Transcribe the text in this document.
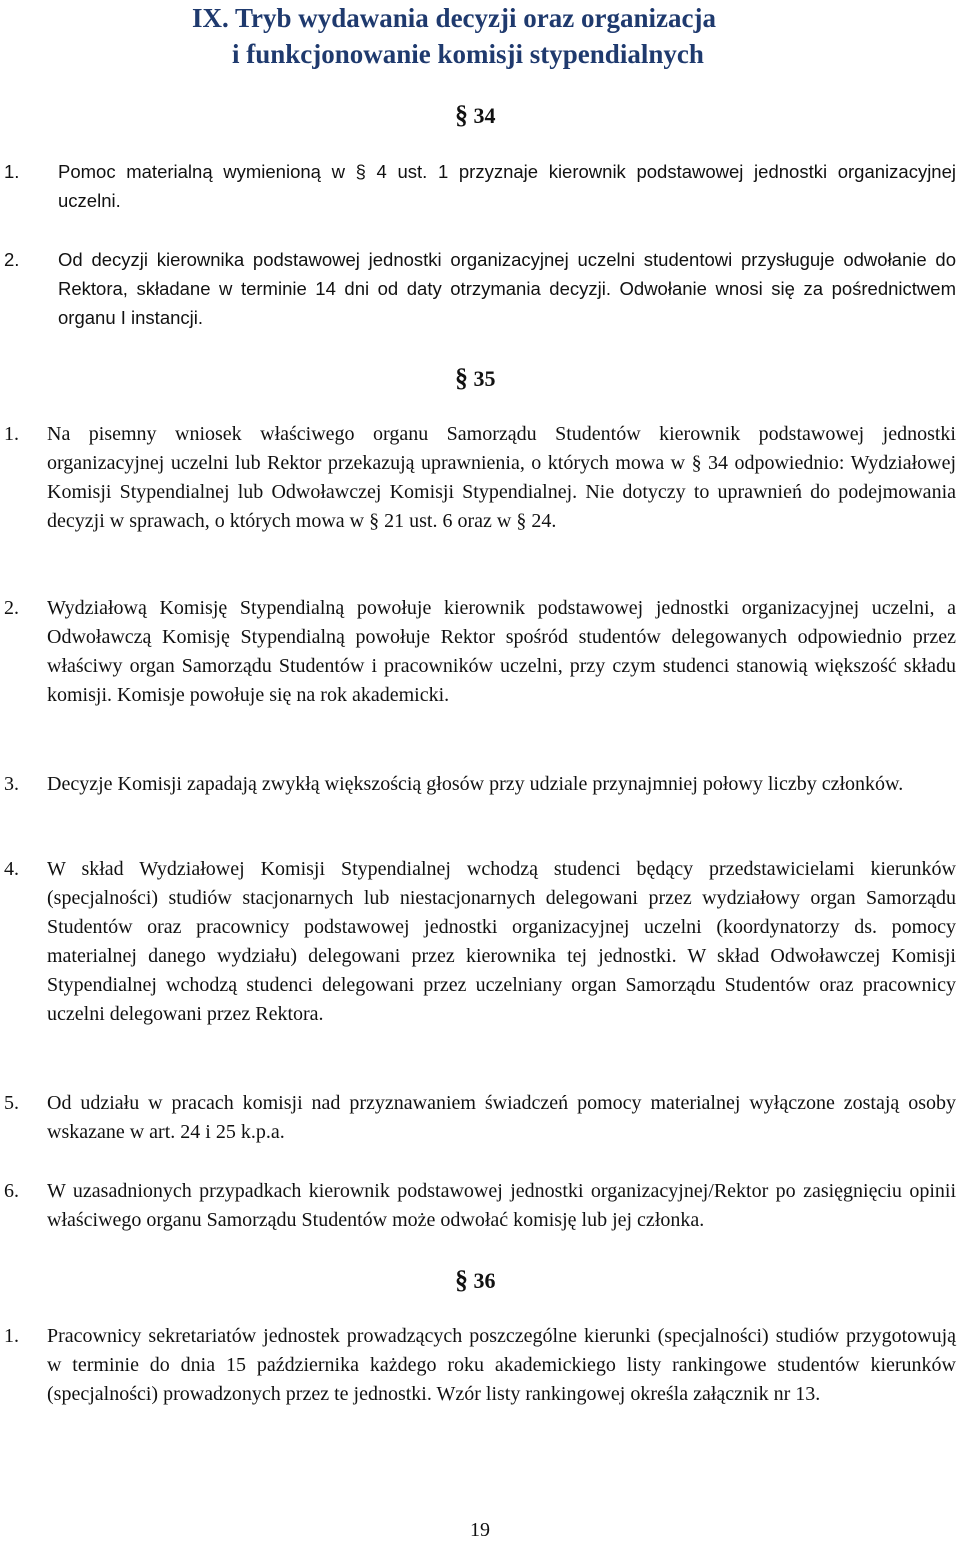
IX. Tryb wydawania decyzji oraz organizacja
i funkcjonowanie komisji stypendialnych
§ 34
1. Pomoc materialną wymienioną w § 4 ust. 1 przyznaje kierownik podstawowej jednostki organizacyjnej uczelni.
2. Od decyzji kierownika podstawowej jednostki organizacyjnej uczelni studentowi przysługuje odwołanie do Rektora, składane w terminie 14 dni od daty otrzymania decyzji. Odwołanie wnosi się za pośrednictwem organu I instancji.
§ 35
1. Na pisemny wniosek właściwego organu Samorządu Studentów kierownik podstawowej jednostki organizacyjnej uczelni lub Rektor przekazują uprawnienia, o których mowa w § 34 odpowiednio: Wydziałowej Komisji Stypendialnej lub Odwoławczej Komisji Stypendialnej. Nie dotyczy to uprawnień do podejmowania decyzji w sprawach, o których mowa w § 21 ust. 6 oraz w § 24.
2. Wydziałową Komisję Stypendialną powołuje kierownik podstawowej jednostki organizacyjnej uczelni, a Odwoławczą Komisję Stypendialną powołuje Rektor spośród studentów delegowanych odpowiednio przez właściwy organ Samorządu Studentów i pracowników uczelni, przy czym studenci stanowią większość składu komisji. Komisje powołuje się na rok akademicki.
3. Decyzje Komisji zapadają zwykłą większością głosów przy udziale przynajmniej połowy liczby członków.
4. W skład Wydziałowej Komisji Stypendialnej wchodzą studenci będący przedstawicielami kierunków (specjalności) studiów stacjonarnych lub niestacjonarnych delegowani przez wydziałowy organ Samorządu Studentów oraz pracownicy podstawowej jednostki organizacyjnej uczelni (koordynatorzy ds. pomocy materialnej danego wydziału) delegowani przez kierownika tej jednostki. W skład Odwoławczej Komisji Stypendialnej wchodzą studenci delegowani przez uczelniany organ Samorządu Studentów oraz pracownicy uczelni delegowani przez Rektora.
5. Od udziału w pracach komisji nad przyznawaniem świadczeń pomocy materialnej wyłączone zostają osoby wskazane w art. 24 i 25 k.p.a.
6. W uzasadnionych przypadkach kierownik podstawowej jednostki organizacyjnej/Rektor po zasięgnięciu opinii właściwego organu Samorządu Studentów może odwołać komisję lub jej członka.
§ 36
1. Pracownicy sekretariatów jednostek prowadzących poszczególne kierunki (specjalności) studiów przygotowują w terminie do dnia 15 października każdego roku akademickiego listy rankingowe studentów kierunków (specjalności) prowadzonych przez te jednostki. Wzór listy rankingowej określa załącznik nr 13.
19
